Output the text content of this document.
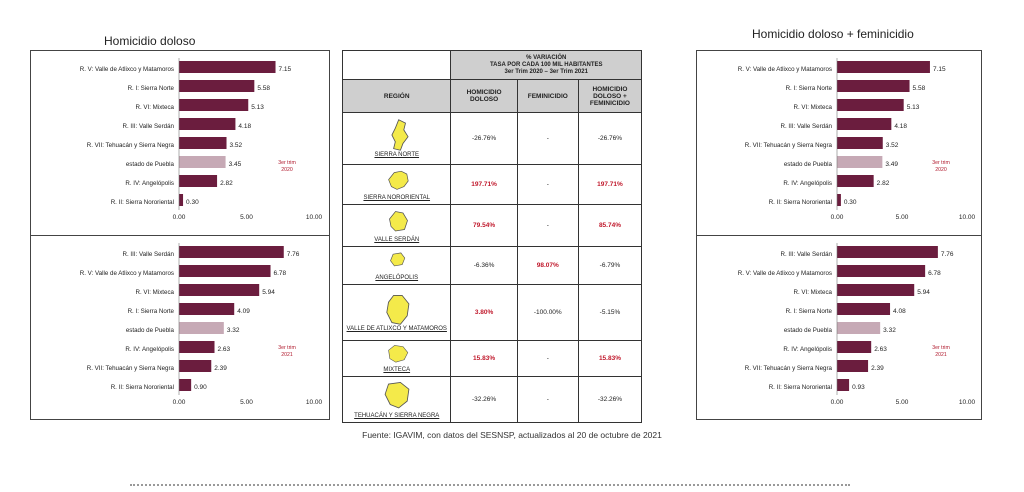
Homicidio doloso	Homicidio doloso + feminicidio
R. V: Valle de Atlixco y Matamoros	7.15
R. I: Sierra Norte	5.58
R. VI: Mixteca	5.13
R. III: Valle Serdán	4.18
R. VII: Tehuacán y Sierra Negra	3.52
estado de Puebla	3.45
R. IV: Angelópolis	2.82
R. II: Sierra Nororiental 0.30
0.00	5.00	10.00
3er trim
2020
R. III: Valle Serdán	7.76
R. V: Valle de Atlixco y Matamoros	6.78
R. VI: Mixteca	5.94
R. I: Sierra Norte	4.09
estado de Puebla	3.32
R. IV: Angelópolis	2.63
R. VII: Tehuacán y Sierra Negra	2.39
R. II: Sierra Nororiental	0.90
0.00	5.00	10.00
3er trim
2021
R. V: Valle de Atlixco y Matamoros	7.15
R. I: Sierra Norte	5.58
R. VI: Mixteca	5.13
R. III: Valle Serdán	4.18
R. VII: Tehuacán y Sierra Negra	3.52
estado de Puebla	3.49
R. IV: Angelópolis	2.82
R. II: Sierra Nororiental 0.30
0.00	5.00	10.00
3er trim
2020
R. III: Valle Serdán	7.76
R. V: Valle de Atlixco y Matamoros	6.78
R. VI: Mixteca	5.94
R. I: Sierra Norte	4.08
estado de Puebla	3.32
R. IV: Angelópolis	2.63
R. VII: Tehuacán y Sierra Negra	2.39
R. II: Sierra Nororiental	0.93
0.00	5.00	10.00
3er trim
2021
	% VARIACIÓN
TASA POR CADA 100 MIL HABITANTES
3er Trim 2020 – 3er Trim 2021		
REGIÓN	HOMICIDIO DOLOSO	FEMINICIDIO	HOMICIDIO DOLOSO + FEMINICIDIO

SIERRA NORTE	-26.76%	-	-26.76%

SIERRA NORORIENTAL	197.71%	-	197.71%

VALLE SERDÁN	79.54%	-	85.74%

ANGELÓPOLIS	-6.36%	98.07%	-6.79%

VALLE DE ATLIXCO Y MATAMOROS	3.80%	-100.00%	-5.15%

MIXTECA	15.83%	-	15.83%

TEHUACÁN Y SIERRA NEGRA	-32.26%	-	-32.26%
Fuente: IGAVIM, con datos del SESNSP, actualizados al 20 de octubre de 2021
